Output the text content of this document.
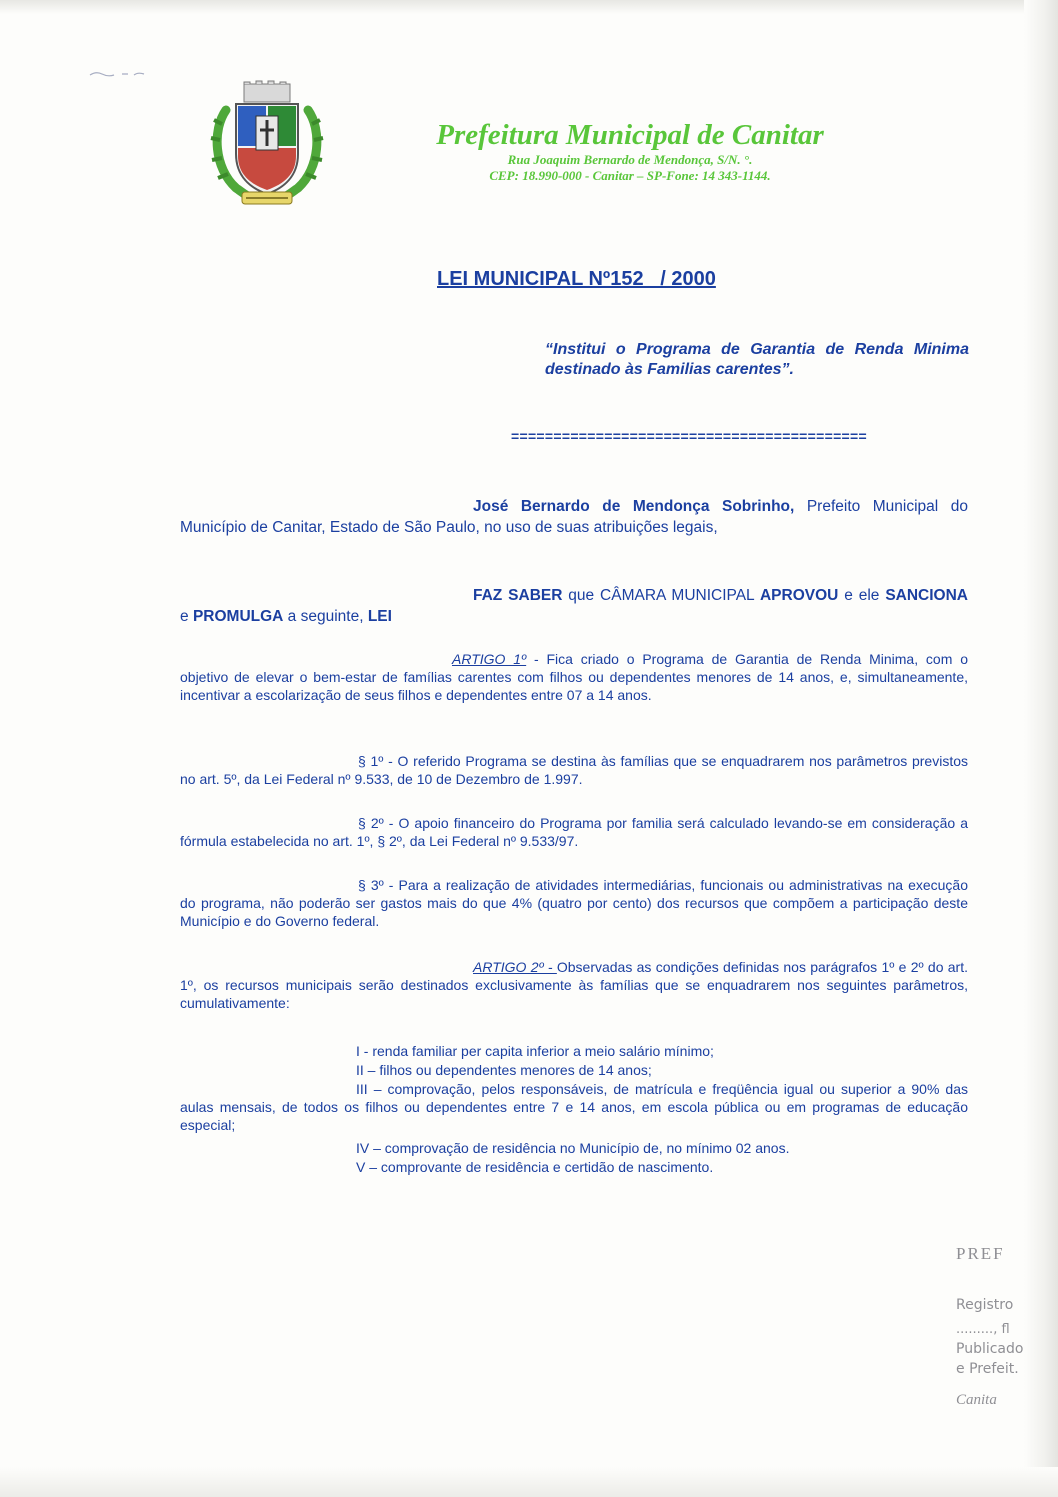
Prefeitura Municipal de Canitar
Rua Joaquim Bernardo de Mendonça, S/N. °.
CEP: 18.990-000 - Canitar – SP-Fone: 14 343-1144.
LEI MUNICIPAL Nº152   / 2000
“Institui o Programa de Garantia de Renda Minima destinado às Familias carentes”.
==========================================
José Bernardo de Mendonça Sobrinho, Prefeito Municipal do Município de Canitar, Estado de São Paulo, no uso de suas atribuições legais,
FAZ SABER que CÂMARA MUNICIPAL APROVOU e ele SANCIONA e PROMULGA a seguinte, LEI
ARTIGO 1º - Fica criado o Programa de Garantia de Renda Minima, com o objetivo de elevar o bem-estar de famílias carentes com filhos ou dependentes menores de 14 anos, e, simultaneamente, incentivar a escolarização de seus filhos e dependentes entre 07 a 14 anos.
§ 1º - O referido Programa se destina às famílias que se enquadrarem nos parâmetros previstos no art. 5º, da Lei Federal nº 9.533, de 10 de Dezembro de 1.997.
§ 2º - O apoio financeiro do Programa por familia será calculado levando-se em consideração a fórmula estabelecida no art. 1º, § 2º, da Lei Federal nº 9.533/97.
§ 3º - Para a realização de atividades intermediárias, funcionais ou administrativas na execução do programa, não poderão ser gastos mais do que 4% (quatro por cento) dos recursos que compõem a participação deste Município e do Governo federal.
ARTIGO 2º - Observadas as condições definidas nos parágrafos 1º e 2º do art. 1º, os recursos municipais serão destinados exclusivamente às famílias que se enquadrarem nos seguintes parâmetros, cumulativamente:
I - renda familiar per capita inferior a meio salário mínimo;
II – filhos ou dependentes menores de 14 anos;
III – comprovação, pelos responsáveis, de matrícula e freqüência igual ou superior a 90% das aulas mensais, de todos os filhos ou dependentes entre 7 e 14 anos, em escola pública ou em programas de educação especial;
IV – comprovação de residência no Município de, no mínimo 02 anos.
V – comprovante de residência e certidão de nascimento.
PREF
Registro
........., fl
Publicado
e Prefeit.
Canita
